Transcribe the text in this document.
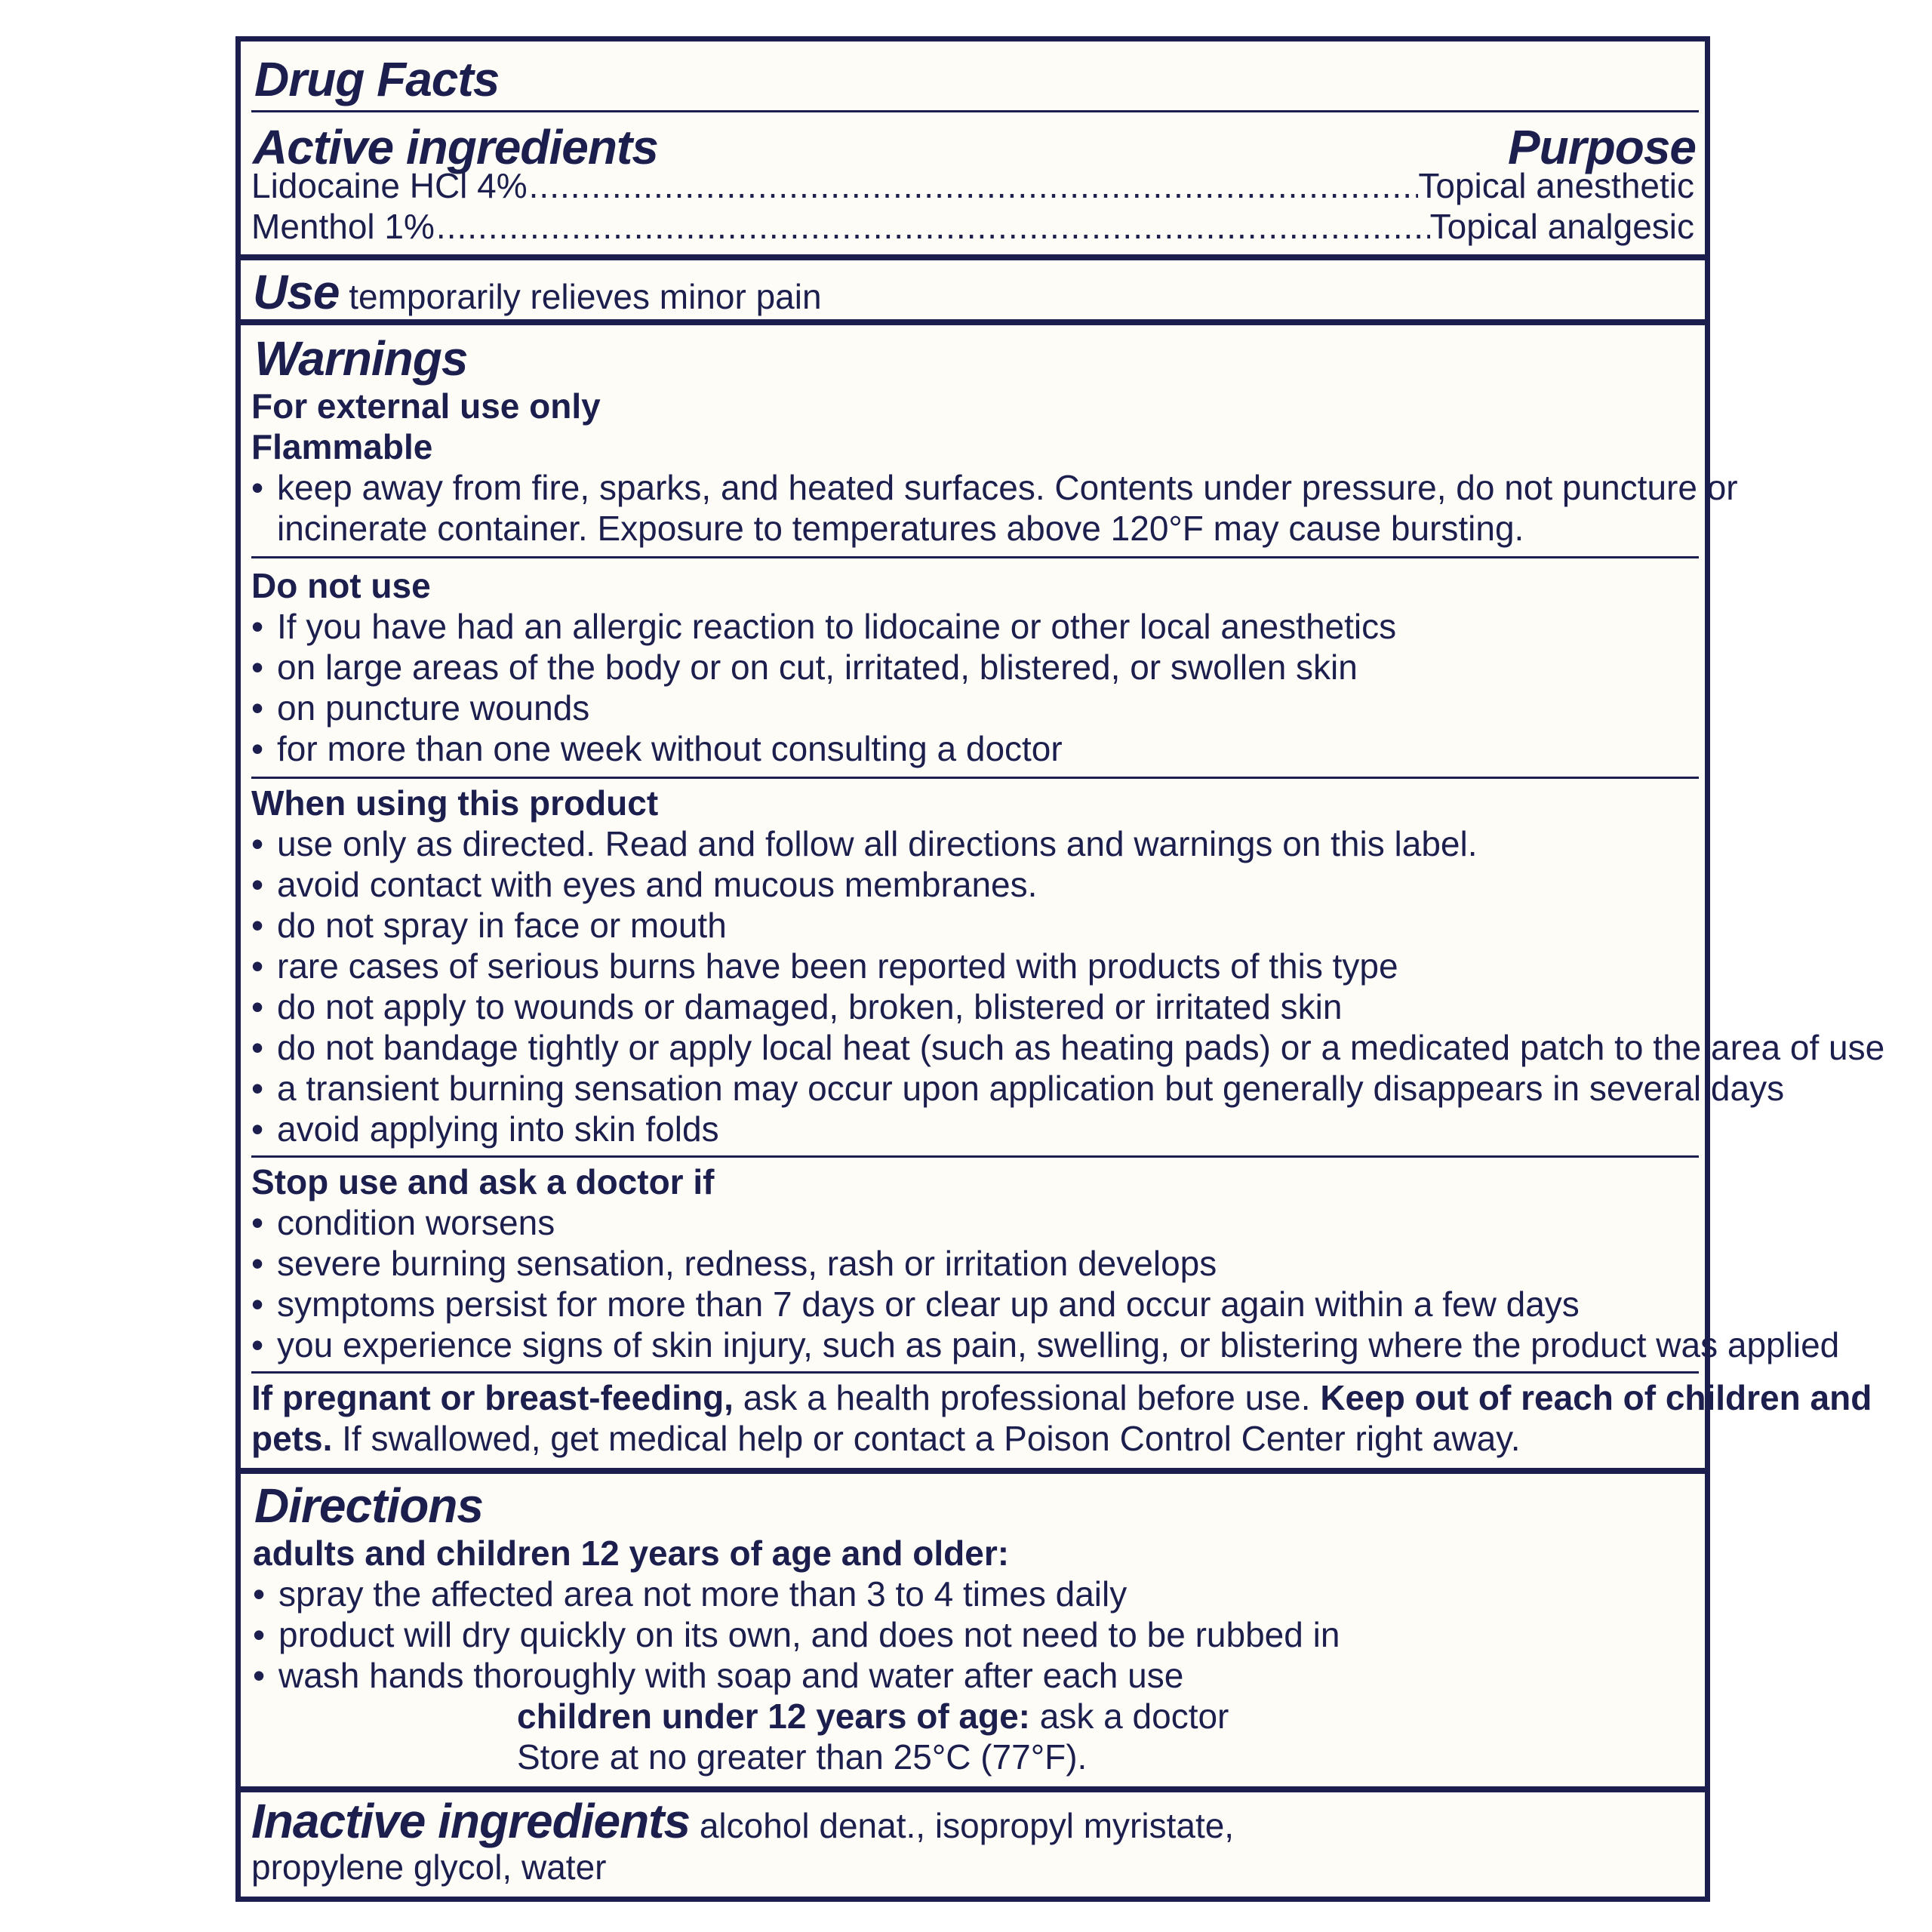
Drug Facts
Active ingredients	Purpose
Lidocaine HCl 4% .....	Topical anesthetic
Menthol 1% .....	Topical analgesic
Use temporarily relieves minor pain
Warnings
For external use only
Flammable
• keep away from fire, sparks, and heated surfaces. Contents under pressure, do not puncture or
incinerate container. Exposure to temperatures above 120°F may cause bursting.
Do not use
• If you have had an allergic reaction to lidocaine or other local anesthetics
• on large areas of the body or on cut, irritated, blistered, or swollen skin
• on puncture wounds
• for more than one week without consulting a doctor
When using this product
• use only as directed. Read and follow all directions and warnings on this label.
• avoid contact with eyes and mucous membranes.
• do not spray in face or mouth
• rare cases of serious burns have been reported with products of this type
• do not apply to wounds or damaged, broken, blistered or irritated skin
• do not bandage tightly or apply local heat (such as heating pads) or a medicated patch to the area of use
• a transient burning sensation may occur upon application but generally disappears in several days
• avoid applying into skin folds
Stop use and ask a doctor if
• condition worsens
• severe burning sensation, redness, rash or irritation develops
• symptoms persist for more than 7 days or clear up and occur again within a few days
• you experience signs of skin injury, such as pain, swelling, or blistering where the product was applied
If pregnant or breast-feeding, ask a health professional before use. Keep out of reach of children and
pets. If swallowed, get medical help or contact a Poison Control Center right away.
Directions
adults and children 12 years of age and older:
• spray the affected area not more than 3 to 4 times daily
• product will dry quickly on its own, and does not need to be rubbed in
• wash hands thoroughly with soap and water after each use
children under 12 years of age: ask a doctor
Store at no greater than 25°C (77°F).
Inactive ingredients alcohol denat., isopropyl myristate,
propylene glycol, water
